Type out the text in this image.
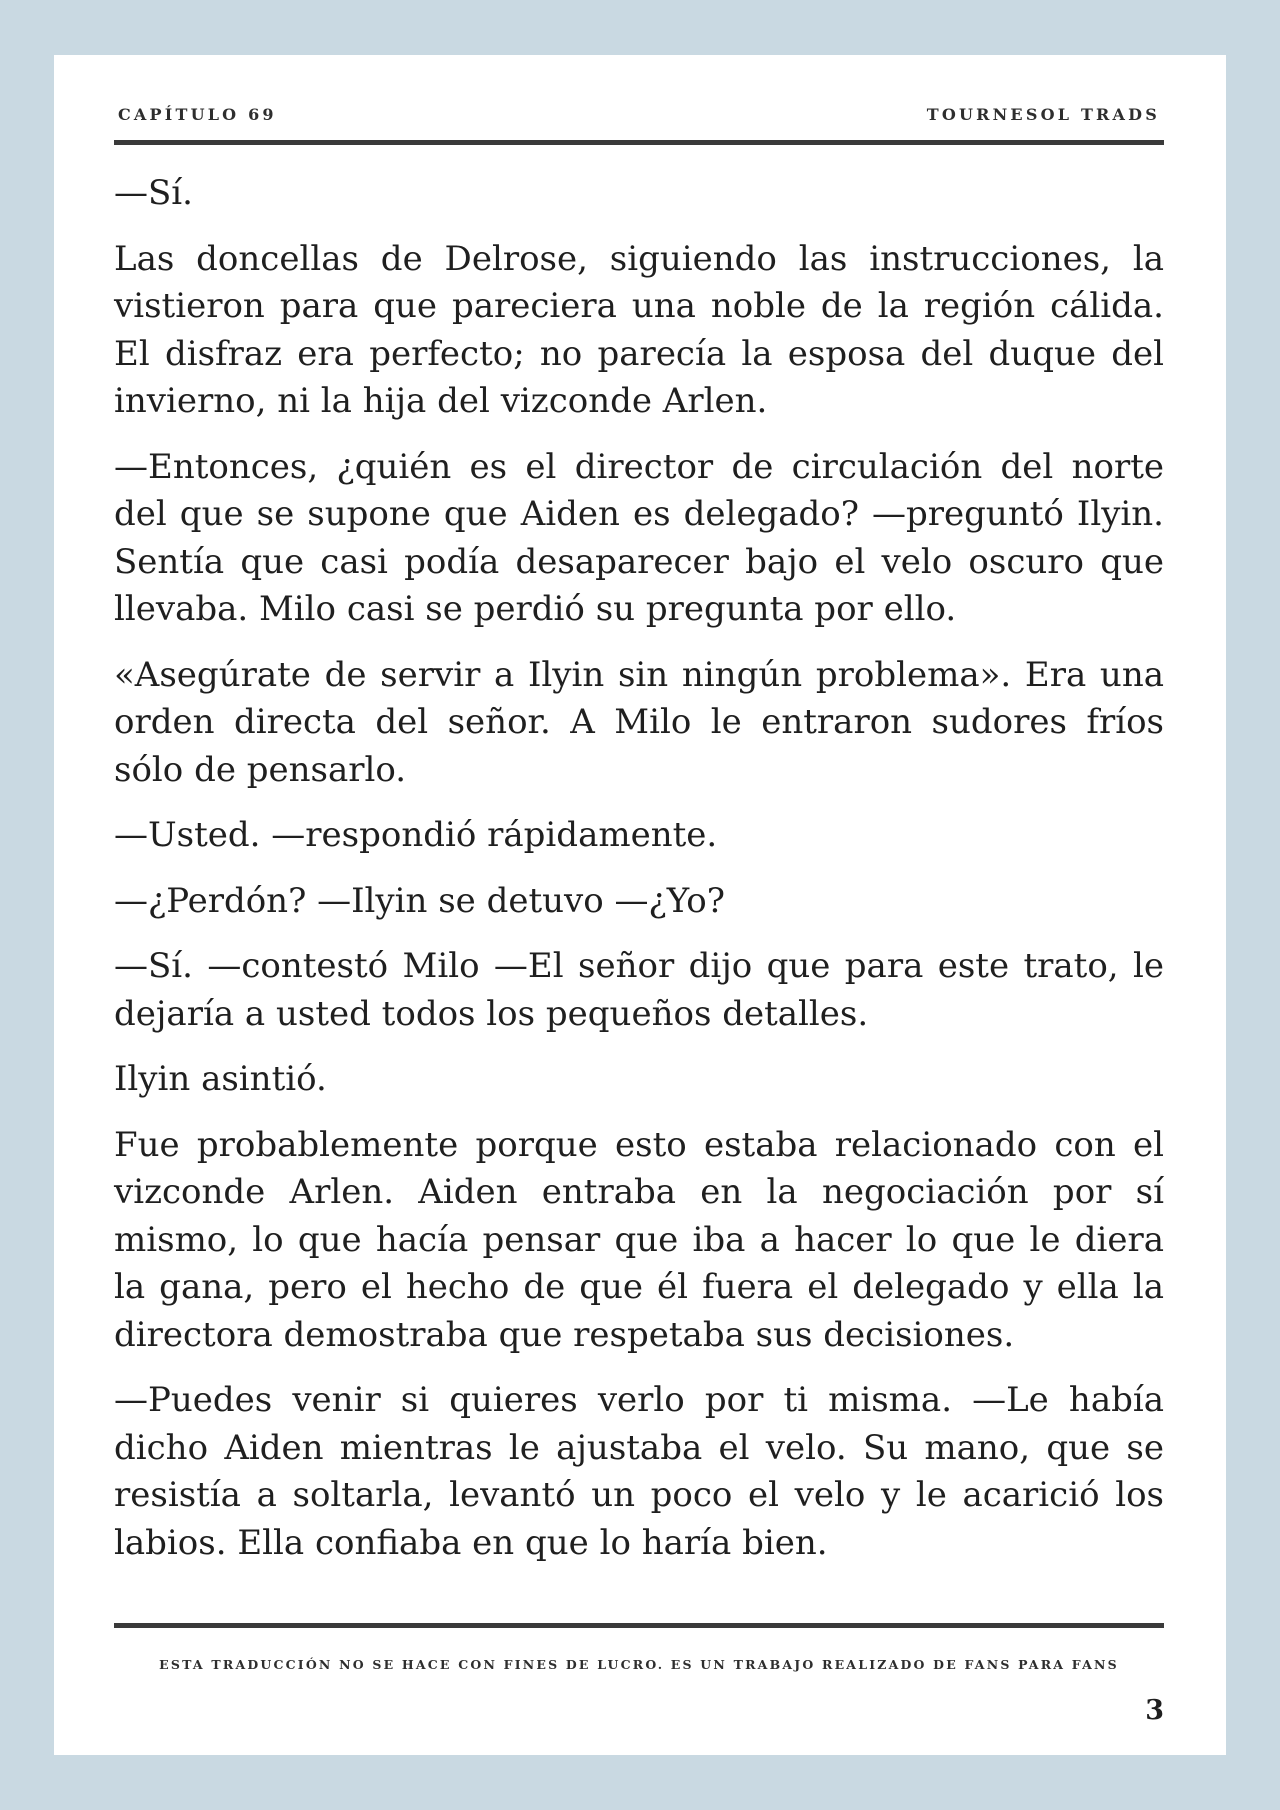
CAPÍTULO 69	TOURNESOL TRADS

—Sí.

Las doncellas de Delrose, siguiendo las instrucciones, la vistieron para que pareciera una noble de la región cálida. El disfraz era perfecto; no parecía la esposa del duque del invierno, ni la hija del vizconde Arlen.

—Entonces, ¿quién es el director de circulación del norte del que se supone que Aiden es delegado? —preguntó Ilyin. Sentía que casi podía desaparecer bajo el velo oscuro que llevaba. Milo casi se perdió su pregunta por ello.

«Asegúrate de servir a Ilyin sin ningún problema». Era una orden directa del señor. A Milo le entraron sudores fríos sólo de pensarlo.

—Usted. —respondió rápidamente.

—¿Perdón? —Ilyin se detuvo —¿Yo?

—Sí. —contestó Milo —El señor dijo que para este trato, le dejaría a usted todos los pequeños detalles.

Ilyin asintió.

Fue probablemente porque esto estaba relacionado con el vizconde Arlen. Aiden entraba en la negociación por sí mismo, lo que hacía pensar que iba a hacer lo que le diera la gana, pero el hecho de que él fuera el delegado y ella la directora demostraba que respetaba sus decisiones.

—Puedes venir si quieres verlo por ti misma. —Le había dicho Aiden mientras le ajustaba el velo. Su mano, que se resistía a soltarla, levantó un poco el velo y le acarició los labios. Ella confiaba en que lo haría bien.

ESTA TRADUCCIÓN NO SE HACE CON FINES DE LUCRO. ES UN TRABAJO REALIZADO DE FANS PARA FANS
3
